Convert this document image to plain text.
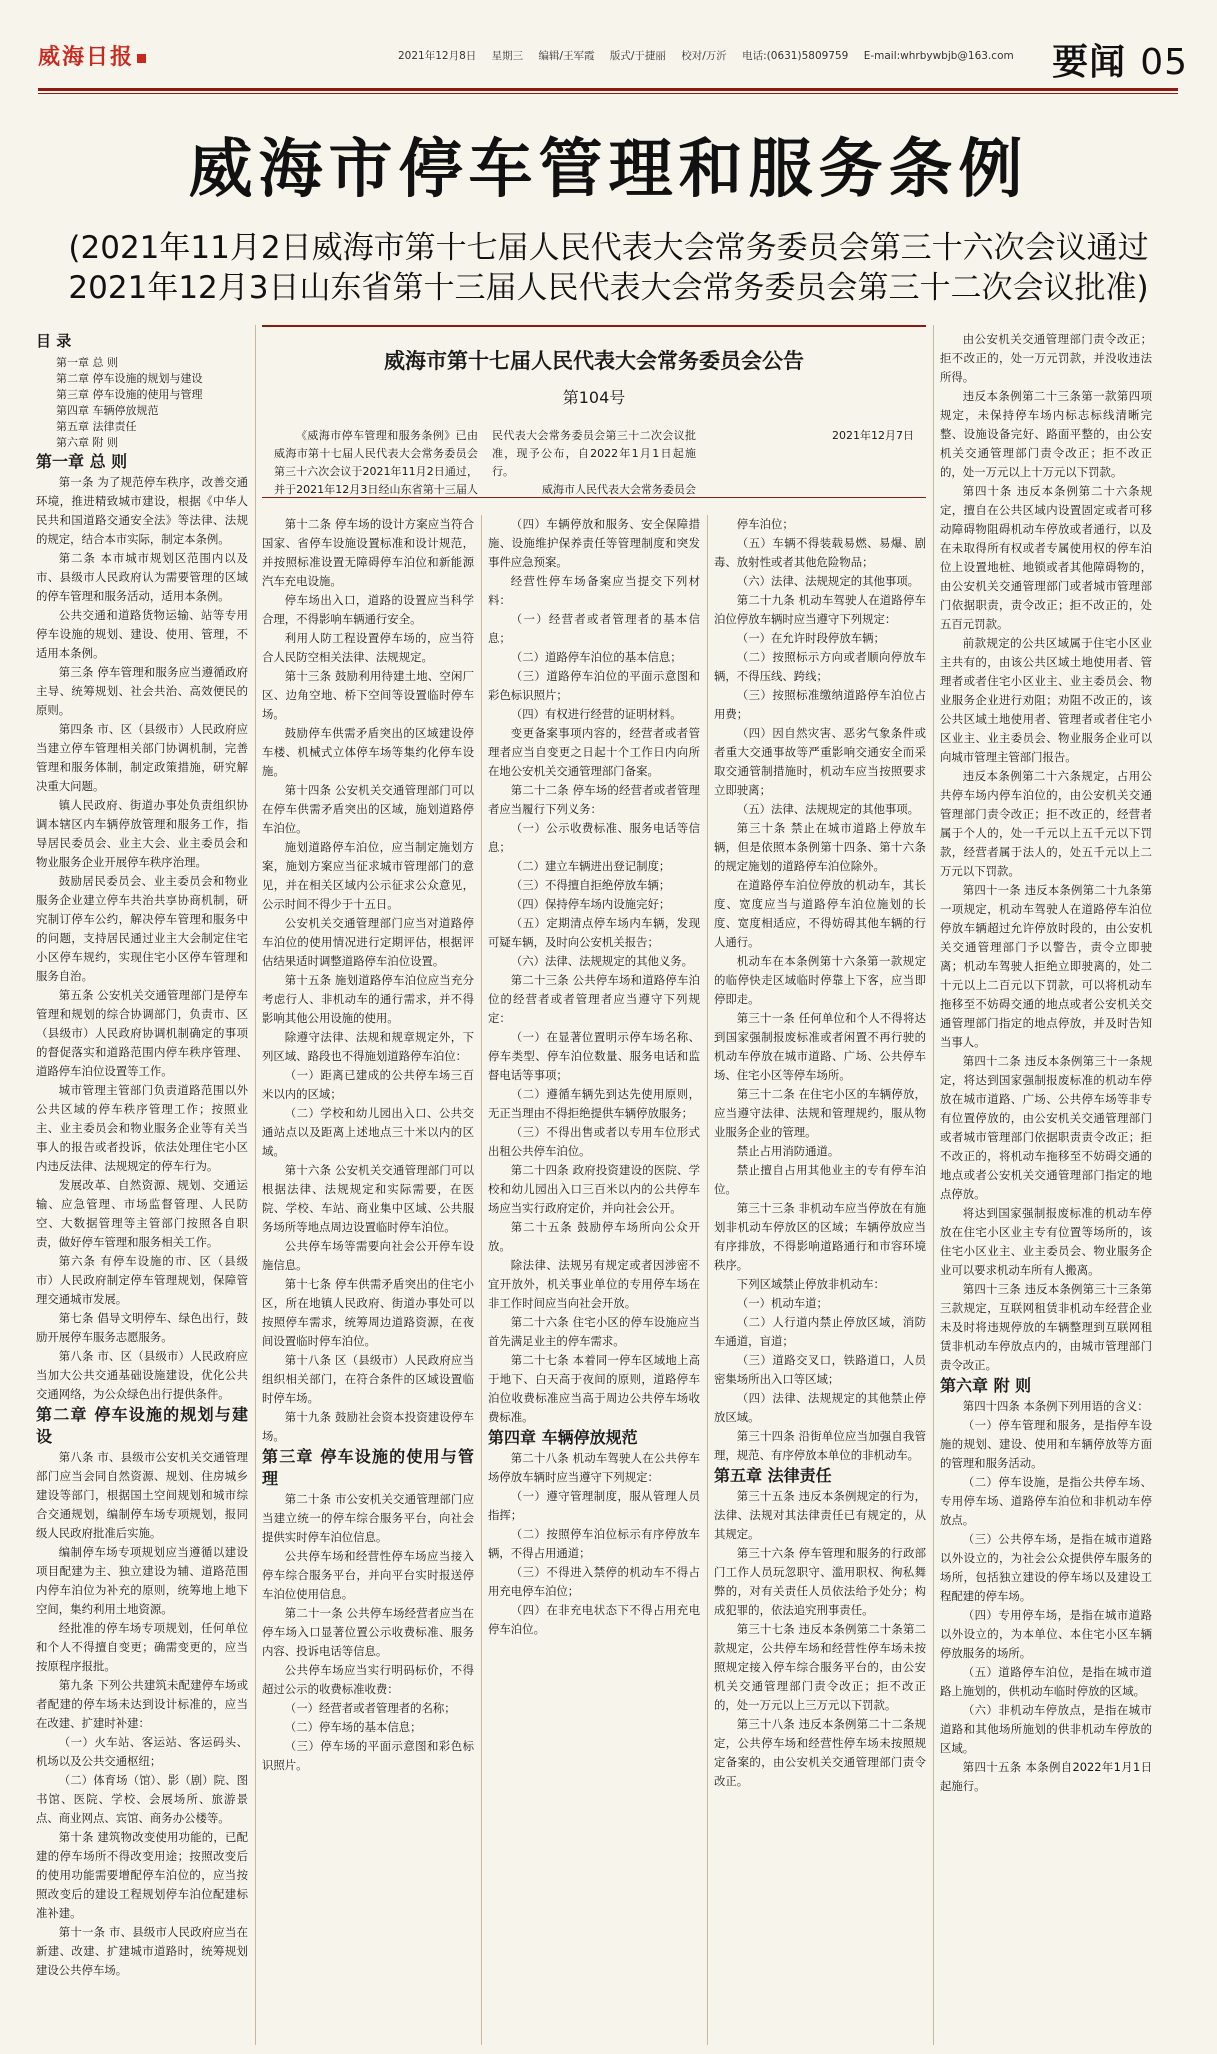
威海日报	2021年12月8日 星期三 编辑/王军霞 版式/于捷丽 校对/万沂 电话:(0631)5809759 E-mail:whrbywbjb@163.com	要闻 05
威海市停车管理和服务条例
(2021年11月2日威海市第十七届人民代表大会常务委员会第三十六次会议通过
2021年12月3日山东省第十三届人民代表大会常务委员会第三十二次会议批准)
威海市第十七届人民代表大会常务委员会公告
第104号

《威海市停车管理和服务条例》已由威海市第十七届人民代表大会常务委员会第三十六次会议于2021年11月2日通过，并于2021年12月3日经山东省第十三届人民代表大会常务委员会第三十二次会议批准，现予公布，自2022年1月1日起施行。

威海市人民代表大会常务委员会

2021年12月7日

目 录
第一章 总 则
第二章 停车设施的规划与建设
第三章 停车设施的使用与管理
第四章 车辆停放规范
第五章 法律责任
第六章 附 则

第一章 总 则

第一条 为了规范停车秩序，改善交通环境，推进精致城市建设，根据《中华人民共和国道路交通安全法》等法律、法规的规定，结合本市实际，制定本条例。

第二条 本市城市规划区范围内以及市、县级市人民政府认为需要管理的区域的停车管理和服务活动，适用本条例。

公共交通和道路货物运输、站等专用停车设施的规划、建设、使用、管理，不适用本条例。

第三条 停车管理和服务应当遵循政府主导、统筹规划、社会共治、高效便民的原则。

第四条 市、区（县级市）人民政府应当建立停车管理相关部门协调机制，完善管理和服务体制，制定政策措施，研究解决重大问题。

镇人民政府、街道办事处负责组织协调本辖区内车辆停放管理和服务工作，指导居民委员会、业主大会、业主委员会和物业服务企业开展停车秩序治理。

鼓励居民委员会、业主委员会和物业服务企业建立停车共治共享协商机制，研究制订停车公约，解决停车管理和服务中的问题，支持居民通过业主大会制定住宅小区停车规约，实现住宅小区停车管理和服务自治。

第五条 公安机关交通管理部门是停车管理和规划的综合协调部门，负责市、区（县级市）人民政府协调机制确定的事项的督促落实和道路范围内停车秩序管理、道路停车泊位设置等工作。

城市管理主管部门负责道路范围以外公共区域的停车秩序管理工作；按照业主、业主委员会和物业服务企业等有关当事人的报告或者投诉，依法处理住宅小区内违反法律、法规规定的停车行为。

发展改革、自然资源、规划、交通运输、应急管理、市场监督管理、人民防空、大数据管理等主管部门按照各自职责，做好停车管理和服务相关工作。

第六条 有停车设施的市、区（县级市）人民政府制定停车管理规划，保障管理交通城市发展。

第七条 倡导文明停车、绿色出行，鼓励开展停车服务志愿服务。

第八条 市、区（县级市）人民政府应当加大公共交通基础设施建设，优化公共交通网络，为公众绿色出行提供条件。

第二章 停车设施的规划与建设

第八条 市、县级市公安机关交通管理部门应当会同自然资源、规划、住房城乡建设等部门，根据国土空间规划和城市综合交通规划，编制停车场专项规划，报同级人民政府批准后实施。

编制停车场专项规划应当遵循以建设项目配建为主、独立建设为辅、道路范围内停车泊位为补充的原则，统筹地上地下空间，集约利用土地资源。

经批准的停车场专项规划，任何单位和个人不得擅自变更；确需变更的，应当按原程序报批。

第九条 下列公共建筑未配建停车场或者配建的停车场未达到设计标准的，应当在改建、扩建时补建：

（一）火车站、客运站、客运码头、机场以及公共交通枢纽；

（二）体育场（馆）、影（剧）院、图书馆、医院、学校、会展场所、旅游景点、商业网点、宾馆、商务办公楼等。

第十条 建筑物改变使用功能的，已配建的停车场所不得改变用途；按照改变后的使用功能需要增配停车泊位的，应当按照改变后的建设工程规划停车泊位配建标准补建。

第十一条 市、县级市人民政府应当在新建、改建、扩建城市道路时，统筹规划建设公共停车场。

第十二条 停车场的设计方案应当符合国家、省停车设施设置标准和设计规范，并按照标准设置无障碍停车泊位和新能源汽车充电设施。

停车场出入口，道路的设置应当科学合理，不得影响车辆通行安全。

利用人防工程设置停车场的，应当符合人民防空相关法律、法规规定。

第十三条 鼓励利用待建土地、空闲厂区、边角空地、桥下空间等设置临时停车场。

鼓励停车供需矛盾突出的区域建设停车楼、机械式立体停车场等集约化停车设施。

第十四条 公安机关交通管理部门可以在停车供需矛盾突出的区域，施划道路停车泊位。

施划道路停车泊位，应当制定施划方案，施划方案应当征求城市管理部门的意见，并在相关区域内公示征求公众意见，公示时间不得少于十五日。

公安机关交通管理部门应当对道路停车泊位的使用情况进行定期评估，根据评估结果适时调整道路停车泊位设置。

第十五条 施划道路停车泊位应当充分考虑行人、非机动车的通行需求，并不得影响其他公用设施的使用。

除遵守法律、法规和规章规定外，下列区域、路段也不得施划道路停车泊位：

（一）距离已建成的公共停车场三百米以内的区域；

（二）学校和幼儿园出入口、公共交通站点以及距离上述地点三十米以内的区域。

第十六条 公安机关交通管理部门可以根据法律、法规规定和实际需要，在医院、学校、车站、商业集中区域、公共服务场所等地点周边设置临时停车泊位。

公共停车场等需要向社会公开停车设施信息。

第十七条 停车供需矛盾突出的住宅小区，所在地镇人民政府、街道办事处可以按照停车需求，统筹周边道路资源，在夜间设置临时停车泊位。

第十八条 区（县级市）人民政府应当组织相关部门，在符合条件的区域设置临时停车场。

第十九条 鼓励社会资本投资建设停车场。

第三章 停车设施的使用与管理

第二十条 市公安机关交通管理部门应当建立统一的停车综合服务平台，向社会提供实时停车泊位信息。

公共停车场和经营性停车场应当接入停车综合服务平台，并向平台实时报送停车泊位使用信息。

第二十一条 公共停车场经营者应当在停车场入口显著位置公示收费标准、服务内容、投诉电话等信息。

公共停车场应当实行明码标价，不得超过公示的收费标准收费：

（一）经营者或者管理者的名称；

（二）停车场的基本信息；

（三）停车场的平面示意图和彩色标识照片。

（四）车辆停放和服务、安全保障措施、设施维护保养责任等管理制度和突发事件应急预案。

经营性停车场备案应当提交下列材料：

（一）经营者或者管理者的基本信息；

（二）道路停车泊位的基本信息；

（三）道路停车泊位的平面示意图和彩色标识照片；

（四）有权进行经营的证明材料。

变更备案事项内容的，经营者或者管理者应当自变更之日起十个工作日内向所在地公安机关交通管理部门备案。

第二十二条 停车场的经营者或者管理者应当履行下列义务：

（一）公示收费标准、服务电话等信息；

（二）建立车辆进出登记制度；

（三）不得擅自拒绝停放车辆；

（四）保持停车场内设施完好；

（五）定期清点停车场内车辆，发现可疑车辆，及时向公安机关报告；

（六）法律、法规规定的其他义务。

第二十三条 公共停车场和道路停车泊位的经营者或者管理者应当遵守下列规定：

（一）在显著位置明示停车场名称、停车类型、停车泊位数量、服务电话和监督电话等事项；

（二）遵循车辆先到达先使用原则，无正当理由不得拒绝提供车辆停放服务；

（三）不得出售或者以专用车位形式出租公共停车泊位。

第二十四条 政府投资建设的医院、学校和幼儿园出入口三百米以内的公共停车场应当实行政府定价，并向社会公开。

第二十五条 鼓励停车场所向公众开放。

除法律、法规另有规定或者因涉密不宜开放外，机关事业单位的专用停车场在非工作时间应当向社会开放。

第二十六条 住宅小区的停车设施应当首先满足业主的停车需求。

第二十七条 本着同一停车区域地上高于地下、白天高于夜间的原则，道路停车泊位收费标准应当高于周边公共停车场收费标准。

第四章 车辆停放规范

第二十八条 机动车驾驶人在公共停车场停放车辆时应当遵守下列规定：

（一）遵守管理制度，服从管理人员指挥；

（二）按照停车泊位标示有序停放车辆，不得占用通道；

（三）不得进入禁停的机动车不得占用充电停车泊位；

（四）在非充电状态下不得占用充电停车泊位。

停车泊位；

（五）车辆不得装载易燃、易爆、剧毒、放射性或者其他危险物品；

（六）法律、法规规定的其他事项。

第二十九条 机动车驾驶人在道路停车泊位停放车辆时应当遵守下列规定：

（一）在允许时段停放车辆；

（二）按照标示方向或者顺向停放车辆，不得压线、跨线；

（三）按照标准缴纳道路停车泊位占用费；

（四）因自然灾害、恶劣气象条件或者重大交通事故等严重影响交通安全而采取交通管制措施时，机动车应当按照要求立即驶离；

（五）法律、法规规定的其他事项。

第三十条 禁止在城市道路上停放车辆，但是依照本条例第十四条、第十六条的规定施划的道路停车泊位除外。

在道路停车泊位停放的机动车，其长度、宽度应当与道路停车泊位施划的长度、宽度相适应，不得妨碍其他车辆的行人通行。

机动车在本条例第十六条第一款规定的临停快走区域临时停靠上下客，应当即停即走。

第三十一条 任何单位和个人不得将达到国家强制报废标准或者闲置不再行驶的机动车停放在城市道路、广场、公共停车场、住宅小区等停车场所。

第三十二条 在住宅小区的车辆停放，应当遵守法律、法规和管理规约，服从物业服务企业的管理。

禁止占用消防通道。

禁止擅自占用其他业主的专有停车泊位。

第三十三条 非机动车应当停放在有施划非机动车停放区的区域；车辆停放应当有序排放，不得影响道路通行和市容环境秩序。

下列区域禁止停放非机动车：

（一）机动车道；

（二）人行道内禁止停放区域，消防车通道，盲道；

（三）道路交叉口，铁路道口，人员密集场所出入口等区域；

（四）法律、法规规定的其他禁止停放区域。

第三十四条 沿街单位应当加强自我管理，规范、有序停放本单位的非机动车。

第五章 法律责任

第三十五条 违反本条例规定的行为，法律、法规对其法律责任已有规定的，从其规定。

第三十六条 停车管理和服务的行政部门工作人员玩忽职守、滥用职权、徇私舞弊的，对有关责任人员依法给予处分；构成犯罪的，依法追究刑事责任。

第三十七条 违反本条例第二十条第二款规定，公共停车场和经营性停车场未按照规定接入停车综合服务平台的，由公安机关交通管理部门责令改正；拒不改正的，处一万元以上三万元以下罚款。

第三十八条 违反本条例第二十二条规定，公共停车场和经营性停车场未按照规定备案的，由公安机关交通管理部门责令改正。

由公安机关交通管理部门责令改正；拒不改正的，处一万元罚款，并没收违法所得。

违反本条例第二十三条第一款第四项规定，未保持停车场内标志标线清晰完整、设施设备完好、路面平整的，由公安机关交通管理部门责令改正；拒不改正的，处一万元以上十万元以下罚款。

第四十条 违反本条例第二十六条规定，擅自在公共区域内设置固定或者可移动障碍物阻碍机动车停放或者通行，以及在未取得所有权或者专属使用权的停车泊位上设置地桩、地锁或者其他障碍物的，由公安机关交通管理部门或者城市管理部门依据职责，责令改正；拒不改正的，处五百元罚款。

前款规定的公共区域属于住宅小区业主共有的，由该公共区域土地使用者、管理者或者住宅小区业主、业主委员会、物业服务企业进行劝阻；劝阻不改正的，该公共区域土地使用者、管理者或者住宅小区业主、业主委员会、物业服务企业可以向城市管理主管部门报告。

违反本条例第二十六条规定，占用公共停车场内停车泊位的，由公安机关交通管理部门责令改正；拒不改正的，经营者属于个人的，处一千元以上五千元以下罚款，经营者属于法人的，处五千元以上二万元以下罚款。

第四十一条 违反本条例第二十九条第一项规定，机动车驾驶人在道路停车泊位停放车辆超过允许停放时段的，由公安机关交通管理部门予以警告，责令立即驶离；机动车驾驶人拒绝立即驶离的，处二十元以上二百元以下罚款，可以将机动车拖移至不妨碍交通的地点或者公安机关交通管理部门指定的地点停放，并及时告知当事人。

第四十二条 违反本条例第三十一条规定，将达到国家强制报废标准的机动车停放在城市道路、广场、公共停车场等非专有位置停放的，由公安机关交通管理部门或者城市管理部门依据职责责令改正；拒不改正的，将机动车拖移至不妨碍交通的地点或者公安机关交通管理部门指定的地点停放。

将达到国家强制报废标准的机动车停放在住宅小区业主专有位置等场所的，该住宅小区业主、业主委员会、物业服务企业可以要求机动车所有人搬离。

第四十三条 违反本条例第三十三条第三款规定，互联网租赁非机动车经营企业未及时将违规停放的车辆整理到互联网租赁非机动车停放点内的，由城市管理部门责令改正。

第六章 附 则

第四十四条 本条例下列用语的含义：

（一）停车管理和服务，是指停车设施的规划、建设、使用和车辆停放等方面的管理和服务活动。

（二）停车设施，是指公共停车场、专用停车场、道路停车泊位和非机动车停放点。

（三）公共停车场，是指在城市道路以外设立的，为社会公众提供停车服务的场所，包括独立建设的停车场以及建设工程配建的停车场。

（四）专用停车场，是指在城市道路以外设立的，为本单位、本住宅小区车辆停放服务的场所。

（五）道路停车泊位，是指在城市道路上施划的，供机动车临时停放的区域。

（六）非机动车停放点，是指在城市道路和其他场所施划的供非机动车停放的区域。

第四十五条 本条例自2022年1月1日起施行。
